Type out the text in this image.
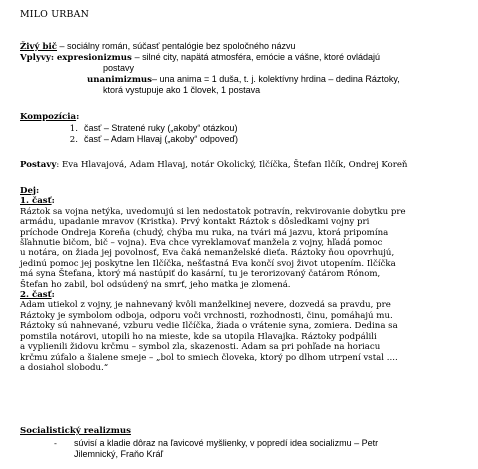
MILO URBAN
Živý bič – sociálny román, súčasť pentalógie bez spoločného názvu
Vplyvy: expresionizmus – silné city, napätá atmosféra, emócie a vášne, ktoré ovládajú
postavy
unanimizmus– una anima = 1 duša, t. j. kolektívny hrdina – dedina Ráztoky,
ktorá vystupuje ako 1 človek, 1 postava
Kompozícia:
1. časť – Stratené ruky („akoby“ otázkou)
2. časť – Adam Hlavaj („akoby“ odpoveď)
Postavy: Eva Hlavajová, Adam Hlavaj, notár Okolický, Ilčíčka, Štefan Ilčík, Ondrej Koreň
Dej:
1. časť:
Ráztok sa vojna netýka, uvedomujú si len nedostatok potravín, rekvirovanie dobytku pre
armádu, upadanie mravov (Kristka). Prvý kontakt Ráztok s dôsledkami vojny pri
príchode Ondreja Koreňa (chudý, chýba mu ruka, na tvári má jazvu, ktorá pripomína
šľahnutie bičom, bič – vojna). Eva chce vyreklamovať manžela z vojny, hľadá pomoc
u notára, on žiada jej povolnosť, Eva čaká nemanželské dieťa. Ráztoky ňou opovrhujú,
jedinú pomoc jej poskytne len Ilčíčka, nešťastná Eva končí svoj život utopením. Ilčíčka
má syna Štefana, ktorý má nastúpiť do kasární, tu je terorizovaný čatárom Rónom,
Štefan ho zabil, bol odsúdený na smrť, jeho matka je zlomená.
2. časť:
Adam utiekol z vojny, je nahnevaný kvôli manželkinej nevere, dozvedá sa pravdu, pre
Ráztoky je symbolom odboja, odporu voči vrchnosti, rozhodnosti, činu, pomáhajú mu.
Ráztoky sú nahnevané, vzburu vedie Ilčíčka, žiada o vrátenie syna, zomiera. Dedina sa
pomstila notárovi, utopili ho na mieste, kde sa utopila Hlavajka. Ráztoky podpálili
a vyplienili židovu krčmu – symbol zla, skazenosti. Adam sa pri pohľade na horiacu
krčmu zúfalo a šialene smeje – „bol to smiech človeka, ktorý po dlhom utrpení vstal ....
a dosiahol slobodu.“
Socialistický realizmus
- súvisí a kladie dôraz na ľavicové myšlienky, v popredí idea socializmu – Petr
Jilemnický, Fraňo Kráľ
